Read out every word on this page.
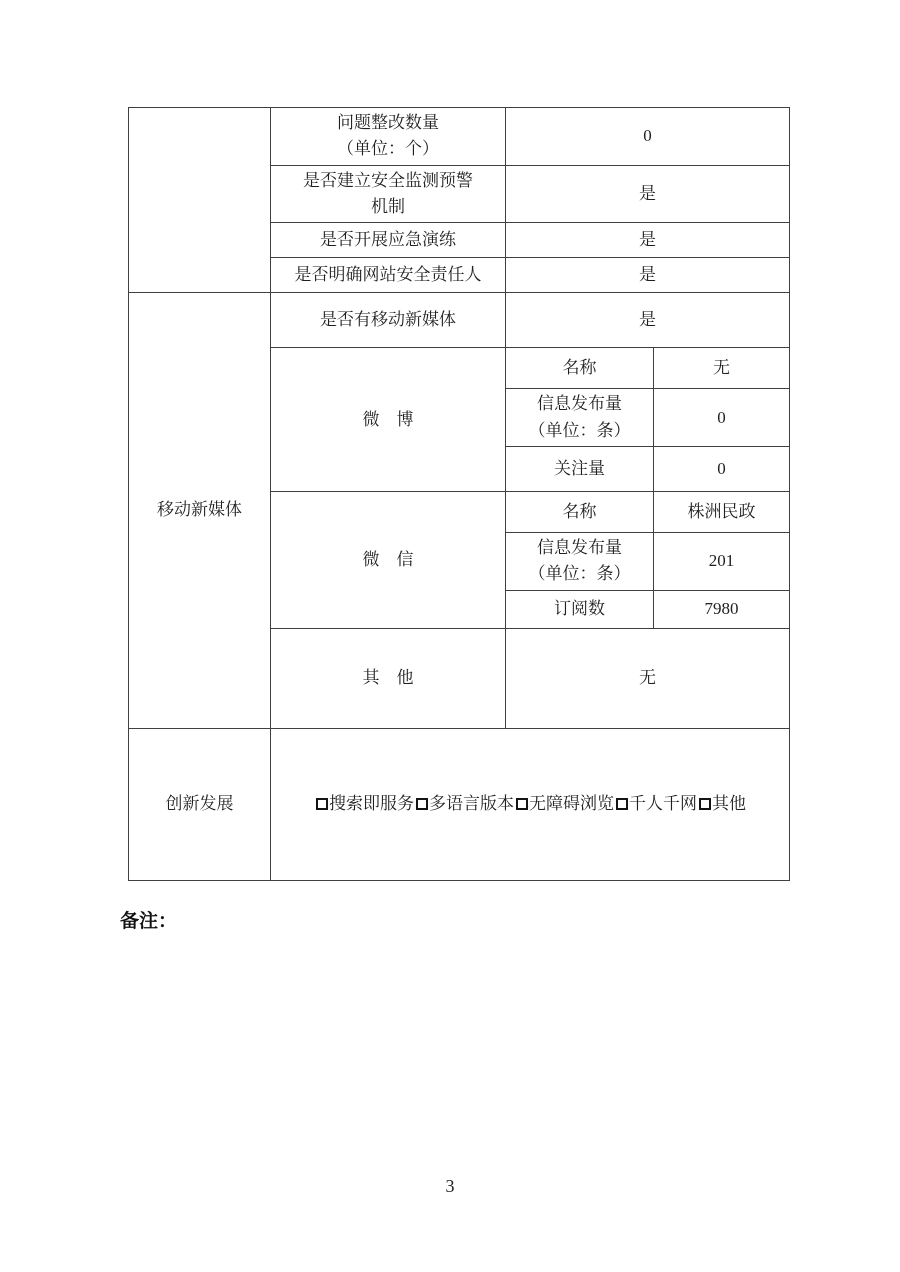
	问题整改数量
（单位：个）	0	

	是否建立安全监测预警
机制	是	
	是否开展应急演练	是	
	是否明确网站安全责任人	是	
移动新媒体	是否有移动新媒体	是	
	微　博	名称	无

		信息发布量
（单位：条）	0
		关注量	0
	微　信	名称	株洲民政

		信息发布量
（单位：条）	201
		订阅数	7980
	其　他	无	
创新发展	搜索即服务 多语言版本 无障碍浏览 千人千网 其他		
备注：
3
